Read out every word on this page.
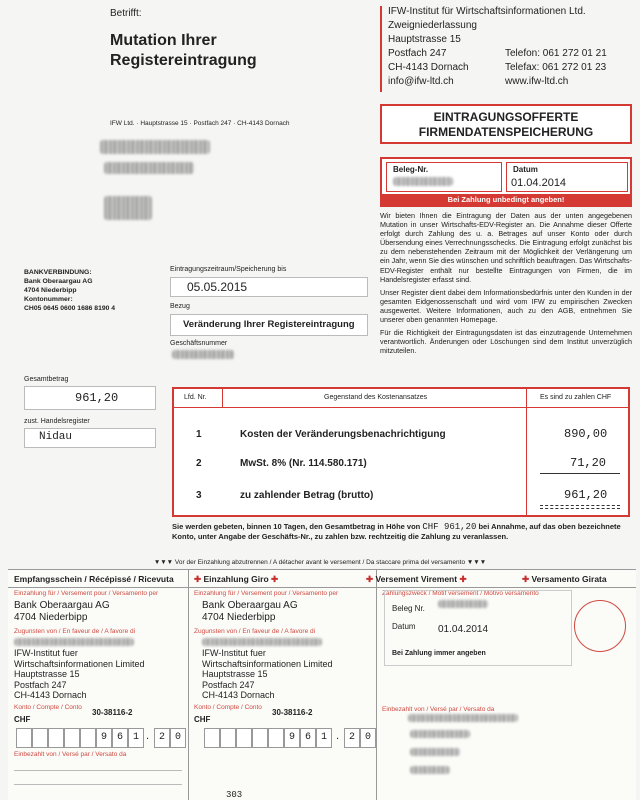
Betrifft:
Mutation Ihrer
Registereintragung
IFW Ltd. · Hauptstrasse 15 · Postfach 247 · CH-4143 Dornach
IFW-Institut für Wirtschaftsinformationen Ltd.
Zweigniederlassung
Hauptstrasse 15
Postfach 247
CH-4143 Dornach
info@ifw-ltd.ch
Telefon: 061 272 01 21
Telefax: 061 272 01 23
www.ifw-ltd.ch
EINTRAGUNGSOFFERTE
FIRMENDATENSPEICHERUNG
Beleg-Nr.	Datum
01.04.2014
Bei Zahlung unbedingt angeben!
Wir bieten Ihnen die Eintragung der Daten aus der unten angegebenen Mutation in unser Wirtschafts-EDV-Register an. Die Annahme dieser Offerte erfolgt durch Zahlung des u. a. Betrages auf unser Konto oder durch Übersendung eines Verrechnungsschecks. Die Eintragung erfolgt zunächst bis zu dem nebenstehenden Zeitraum mit der Möglichkeit der Verlängerung um ein Jahr, wenn Sie dies wünschen und schriftlich beauftragen. Das Wirtschafts-EDV-Register enthält nur bestellte Eintragungen von Firmen, die im Handelsregister erfasst sind.
Unser Register dient dabei dem Informationsbedürfnis unter den Kunden in der gesamten Eidgenossenschaft und wird vom IFW zu empirischen Zwecken ausgewertet. Weitere Informationen, auch zu den AGB, entnehmen Sie unserer oben genannten Homepage.
Für die Richtigkeit der Eintragungsdaten ist das einzutragende Unternehmen verantwortlich. Änderungen oder Löschungen sind dem Institut unverzüglich mitzuteilen.
BANKVERBINDUNG:
Bank Oberaargau AG
4704 Niederbipp
Kontonummer:
CH05 0645 0600 1686 8190 4
Eintragungszeitraum/Speicherung bis
05.05.2015
Bezug
Veränderung Ihrer Registereintragung
Geschäftsnummer
Gesamtbetrag
961,20
zust. Handelsregister
Nidau
Lfd. Nr.	Gegenstand des Kostenansatzes	Es sind zu zahlen CHF
1	Kosten der Veränderungsbenachrichtigung	890,00
2	MwSt. 8% (Nr. 114.580.171)	71,20
3	zu zahlender Betrag (brutto)	961,20
Sie werden gebeten, binnen 10 Tagen, den Gesamtbetrag in Höhe von CHF 961,20 bei Annahme, auf das oben bezeichnete Konto, unter Angabe der Geschäfts-Nr., zu zahlen bzw. rechtzeitig die Zahlung zu veranlassen.
▼▼▼ Vor der Einzahlung abzutrennen / A détacher avant le versement / Da staccare prima del versamento ▼▼▼
Empfangsschein / Récépissé / Ricevuta ✚ Einzahlung Giro ✚	✚ Versement Virement ✚	✚ Versamento Girata
Einzahlung für / Versement pour / Versamento per
Bank Oberaargau AG
4704 Niederbipp
Zugunsten von / En faveur de / A favore di
IFW-Institut fuer
Wirtschaftsinformationen Limited
Hauptstrasse 15
Postfach 247
CH-4143 Dornach
Konto / Compte / Conto
30-38116-2
CHF
9 6 1 . 2 0
Einbezahlt von / Versé par / Versato da
Einzahlung für / Versement pour / Versamento per
Bank Oberaargau AG
4704 Niederbipp
Zugunsten von / En faveur de / A favore di
IFW-Institut fuer
Wirtschaftsinformationen Limited
Hauptstrasse 15
Postfach 247
CH-4143 Dornach
Konto / Compte / Conto
30-38116-2
CHF
9 6 1 . 2 0
Zahlungszweck / Motif versement / Motivo versamento
Beleg Nr.
Datum 01.04.2014
Bei Zahlung immer angeben
Einbezahlt von / Versé par / Versato da
303
